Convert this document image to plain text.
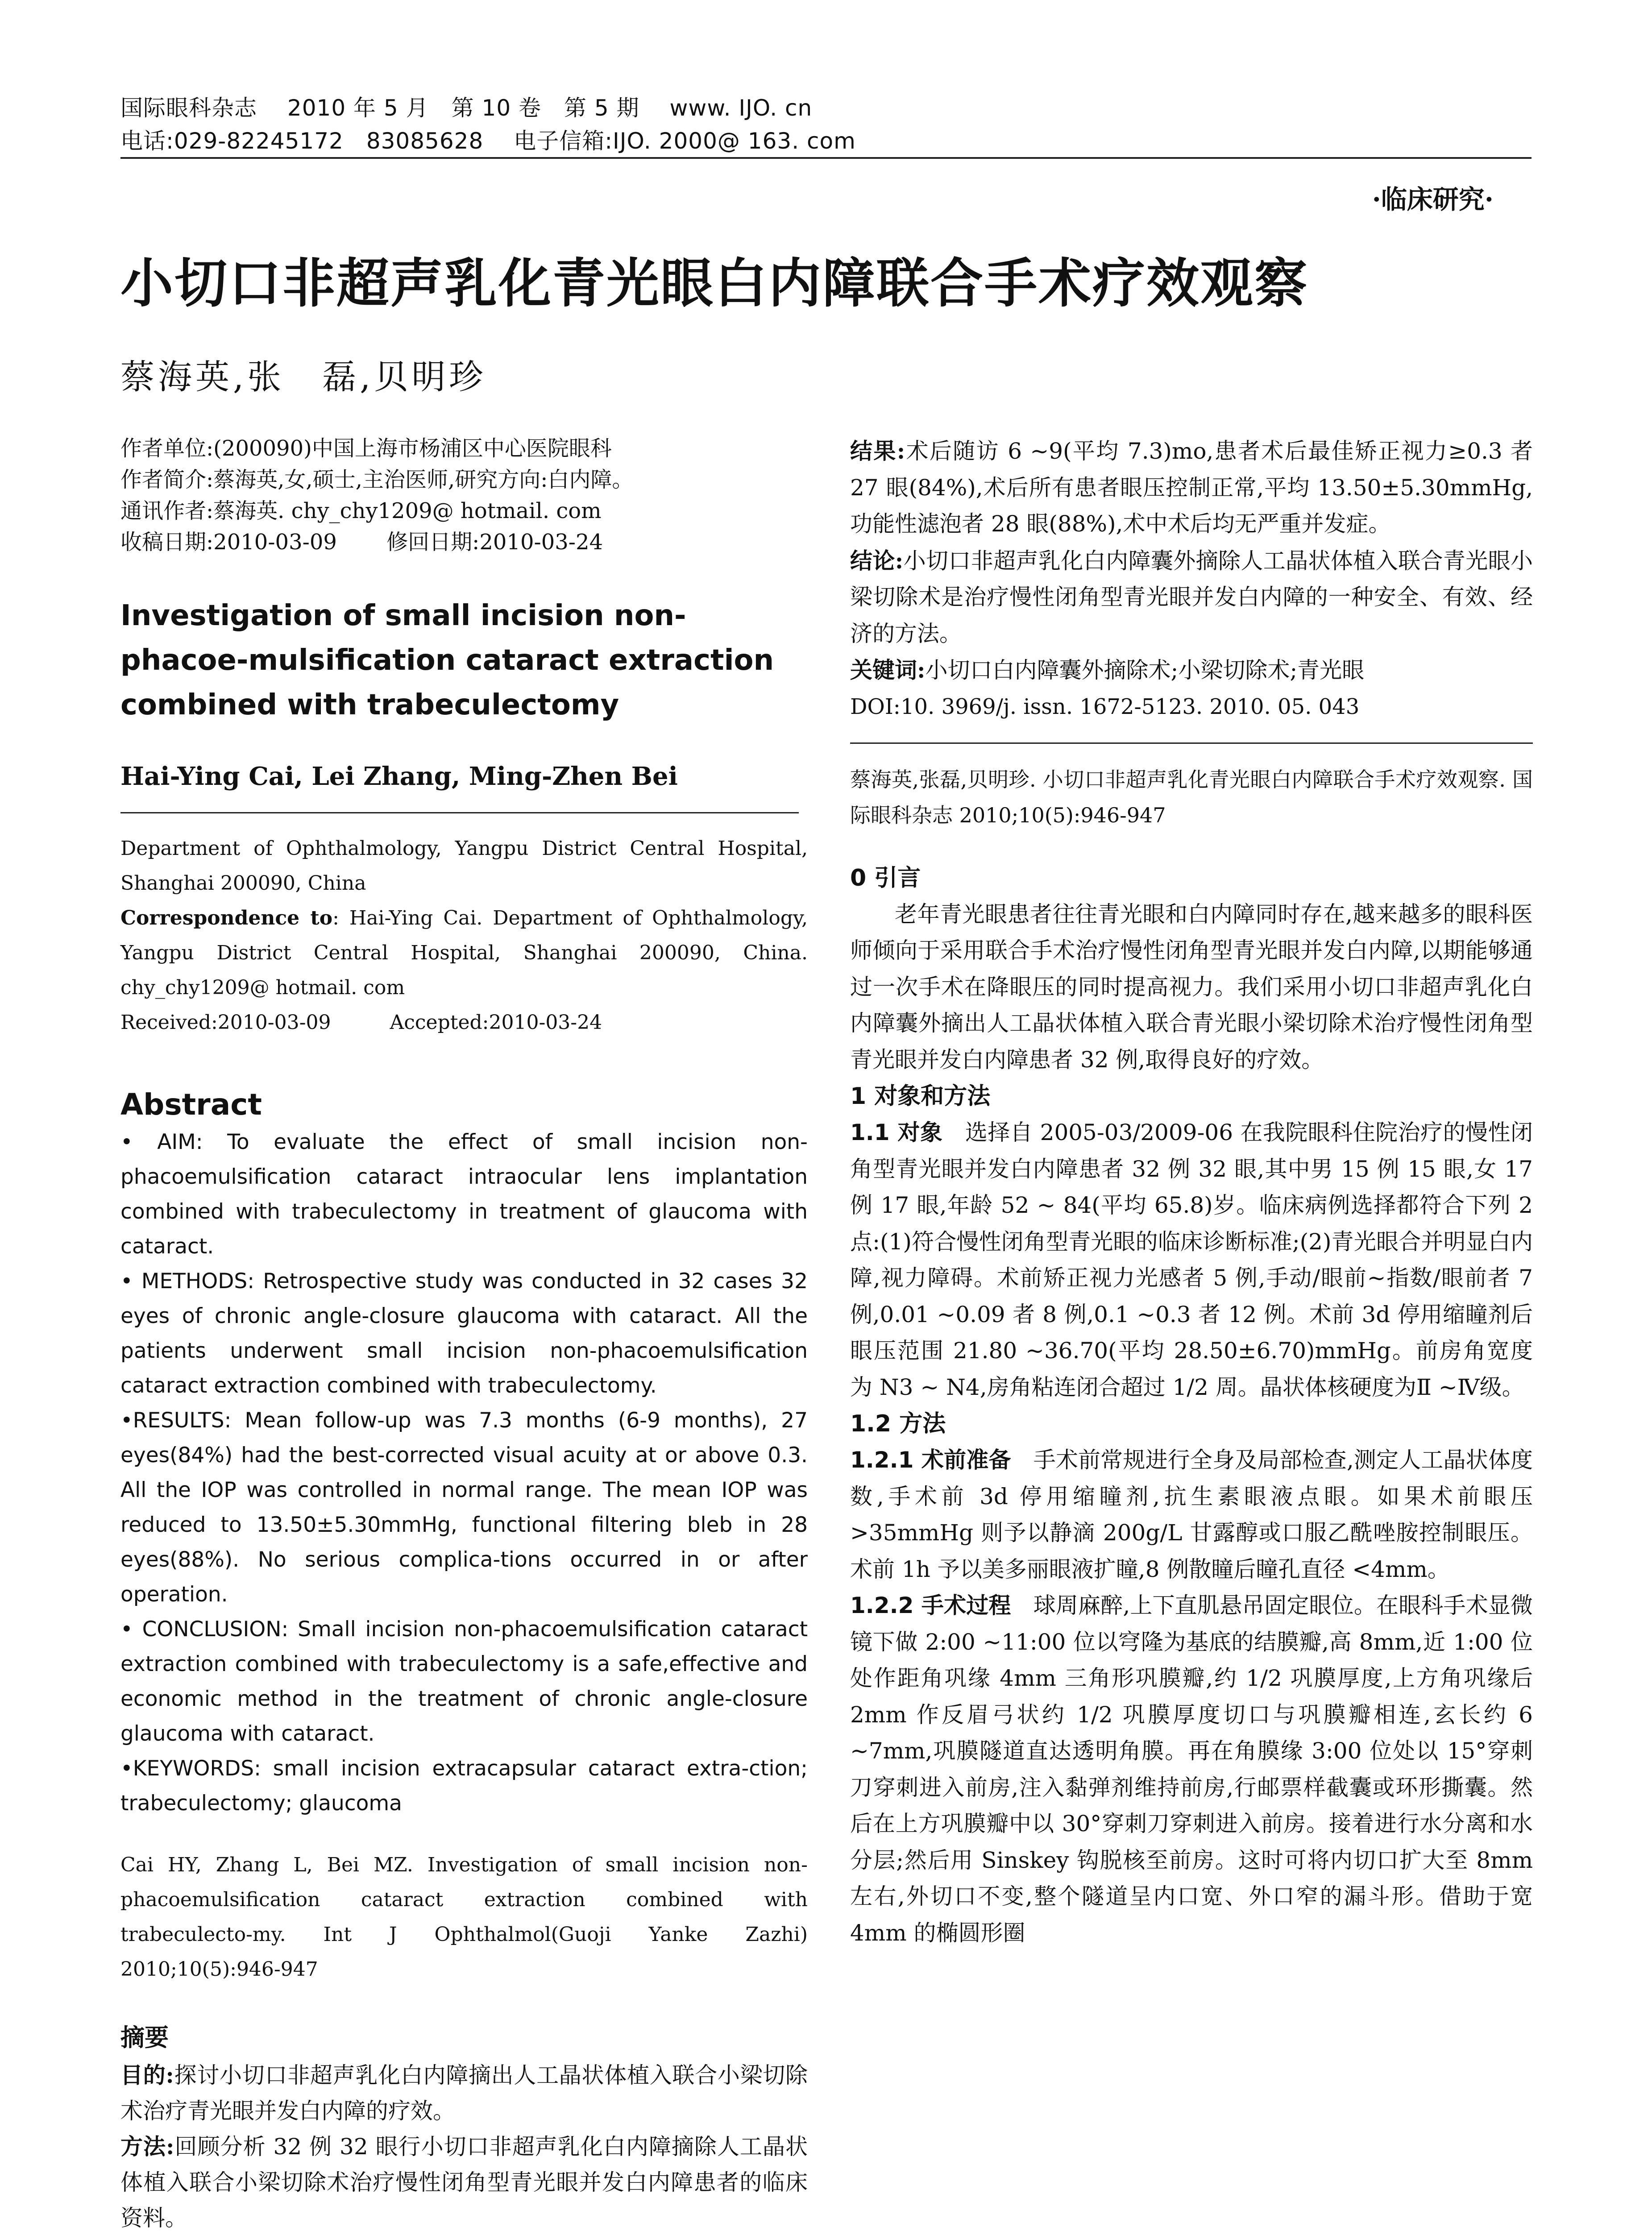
国际眼科杂志　 2010 年 5 月　第 10 卷　第 5 期　 www. IJO. cn
电话:029-82245172　83085628　 电子信箱:IJO. 2000@ 163. com
·临床研究·
小切口非超声乳化青光眼白内障联合手术疗效观察
蔡海英,张　磊,贝明珍
作者单位:(200090)中国上海市杨浦区中心医院眼科
作者简介:蔡海英,女,硕士,主治医师,研究方向:白内障。
通讯作者:蔡海英. chy_chy1209@ hotmail. com
收稿日期:2010-03-09　　 修回日期:2010-03-24
Investigation of small incision non-phacoe-mulsification cataract extraction combined with trabeculectomy
Hai-Ying Cai, Lei Zhang, Ming-Zhen Bei
Department of Ophthalmology, Yangpu District Central Hospital, Shanghai 200090, China
Correspondence to: Hai-Ying Cai. Department of Ophthalmology, Yangpu District Central Hospital, Shanghai 200090, China. chy_chy1209@ hotmail. com
Received:2010-03-09　　　Accepted:2010-03-24
Abstract

• AIM: To evaluate the effect of small incision non-phacoemulsification cataract intraocular lens implantation combined with trabeculectomy in treatment of glaucoma with cataract.

• METHODS: Retrospective study was conducted in 32 cases 32 eyes of chronic angle-closure glaucoma with cataract. All the patients underwent small incision non-phacoemulsification cataract extraction combined with trabeculectomy.

•RESULTS: Mean follow-up was 7.3 months (6-9 months), 27 eyes(84%) had the best-corrected visual acuity at or above 0.3. All the IOP was controlled in normal range. The mean IOP was reduced to 13.50±5.30mmHg, functional filtering bleb in 28 eyes(88%). No serious complica-tions occurred in or after operation.

• CONCLUSION: Small incision non-phacoemulsification cataract extraction combined with trabeculectomy is a safe,effective and economic method in the treatment of chronic angle-closure glaucoma with cataract.

•KEYWORDS: small incision extracapsular cataract extra-ction; trabeculectomy; glaucoma

Cai HY, Zhang L, Bei MZ. Investigation of small incision non-phacoemulsification cataract extraction combined with trabeculecto-my. Int J Ophthalmol(Guoji Yanke Zazhi) 2010;10(5):946-947
摘要

目的:探讨小切口非超声乳化白内障摘出人工晶状体植入联合小梁切除术治疗青光眼并发白内障的疗效。

方法:回顾分析 32 例 32 眼行小切口非超声乳化白内障摘除人工晶状体植入联合小梁切除术治疗慢性闭角型青光眼并发白内障患者的临床资料。

结果:术后随访 6 ~9(平均 7.3)mo,患者术后最佳矫正视力≥0.3 者 27 眼(84%),术后所有患者眼压控制正常,平均 13.50±5.30mmHg,功能性滤泡者 28 眼(88%),术中术后均无严重并发症。

结论:小切口非超声乳化白内障囊外摘除人工晶状体植入联合青光眼小梁切除术是治疗慢性闭角型青光眼并发白内障的一种安全、有效、经济的方法。

关键词:小切口白内障囊外摘除术;小梁切除术;青光眼

DOI:10. 3969/j. issn. 1672-5123. 2010. 05. 043
蔡海英,张磊,贝明珍. 小切口非超声乳化青光眼白内障联合手术疗效观察. 国际眼科杂志 2010;10(5):946-947
0 引言

老年青光眼患者往往青光眼和白内障同时存在,越来越多的眼科医师倾向于采用联合手术治疗慢性闭角型青光眼并发白内障,以期能够通过一次手术在降眼压的同时提高视力。我们采用小切口非超声乳化白内障囊外摘出人工晶状体植入联合青光眼小梁切除术治疗慢性闭角型青光眼并发白内障患者 32 例,取得良好的疗效。

1 对象和方法

1.1 对象　选择自 2005-03/2009-06 在我院眼科住院治疗的慢性闭角型青光眼并发白内障患者 32 例 32 眼,其中男 15 例 15 眼,女 17 例 17 眼,年龄 52 ~ 84(平均 65.8)岁。临床病例选择都符合下列 2 点:(1)符合慢性闭角型青光眼的临床诊断标准;(2)青光眼合并明显白内障,视力障碍。术前矫正视力光感者 5 例,手动/眼前~指数/眼前者 7 例,0.01 ~0.09 者 8 例,0.1 ~0.3 者 12 例。术前 3d 停用缩瞳剂后眼压范围 21.80 ~36.70(平均 28.50±6.70)mmHg。前房角宽度为 N3 ~ N4,房角粘连闭合超过 1/2 周。晶状体核硬度为Ⅱ ~Ⅳ级。

1.2 方法

1.2.1 术前准备　手术前常规进行全身及局部检查,测定人工晶状体度数,手术前 3d 停用缩瞳剂,抗生素眼液点眼。如果术前眼压 >35mmHg 则予以静滴 200g/L 甘露醇或口服乙酰唑胺控制眼压。术前 1h 予以美多丽眼液扩瞳,8 例散瞳后瞳孔直径 <4mm。

1.2.2 手术过程　球周麻醉,上下直肌悬吊固定眼位。在眼科手术显微镜下做 2:00 ~11:00 位以穹隆为基底的结膜瓣,高 8mm,近 1:00 位处作距角巩缘 4mm 三角形巩膜瓣,约 1/2 巩膜厚度,上方角巩缘后 2mm 作反眉弓状约 1/2 巩膜厚度切口与巩膜瓣相连,玄长约 6 ~7mm,巩膜隧道直达透明角膜。再在角膜缘 3:00 位处以 15°穿刺刀穿刺进入前房,注入黏弹剂维持前房,行邮票样截囊或环形撕囊。然后在上方巩膜瓣中以 30°穿刺刀穿刺进入前房。接着进行水分离和水分层;然后用 Sinskey 钩脱核至前房。这时可将内切口扩大至 8mm 左右,外切口不变,整个隧道呈内口宽、外口窄的漏斗形。借助于宽 4mm 的椭圆形圈
